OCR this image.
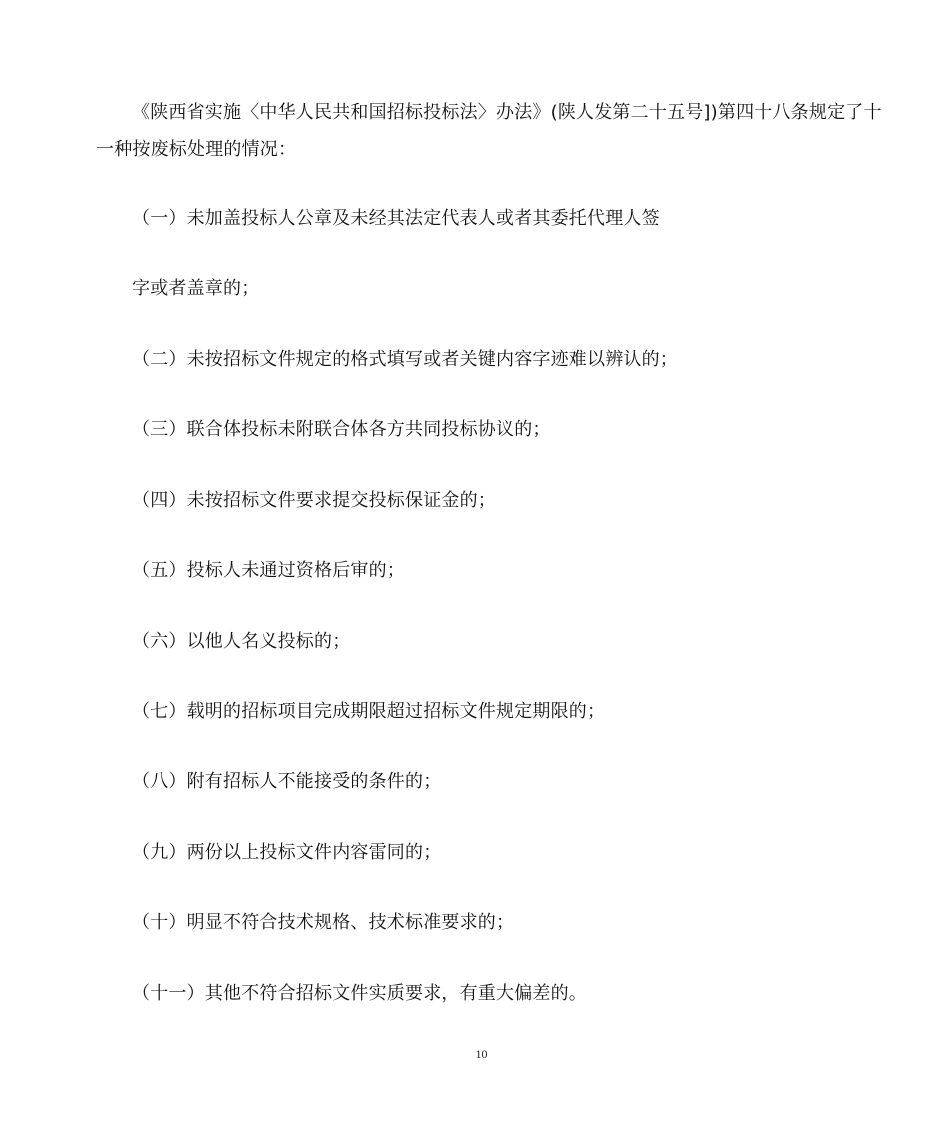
《陕西省实施〈中华人民共和国招标投标法〉办法》(陕人发第二十五号])第四十八条规定了十一种按废标处理的情况：

（一）未加盖投标人公章及未经其法定代表人或者其委托代理人签

字或者盖章的；

（二）未按招标文件规定的格式填写或者关键内容字迹难以辨认的；

（三）联合体投标未附联合体各方共同投标协议的；

（四）未按招标文件要求提交投标保证金的；

（五）投标人未通过资格后审的；

（六）以他人名义投标的；

（七）载明的招标项目完成期限超过招标文件规定期限的；

（八）附有招标人不能接受的条件的；

（九）两份以上投标文件内容雷同的；

（十）明显不符合技术规格、技术标准要求的；

（十一）其他不符合招标文件实质要求，有重大偏差的。

10
